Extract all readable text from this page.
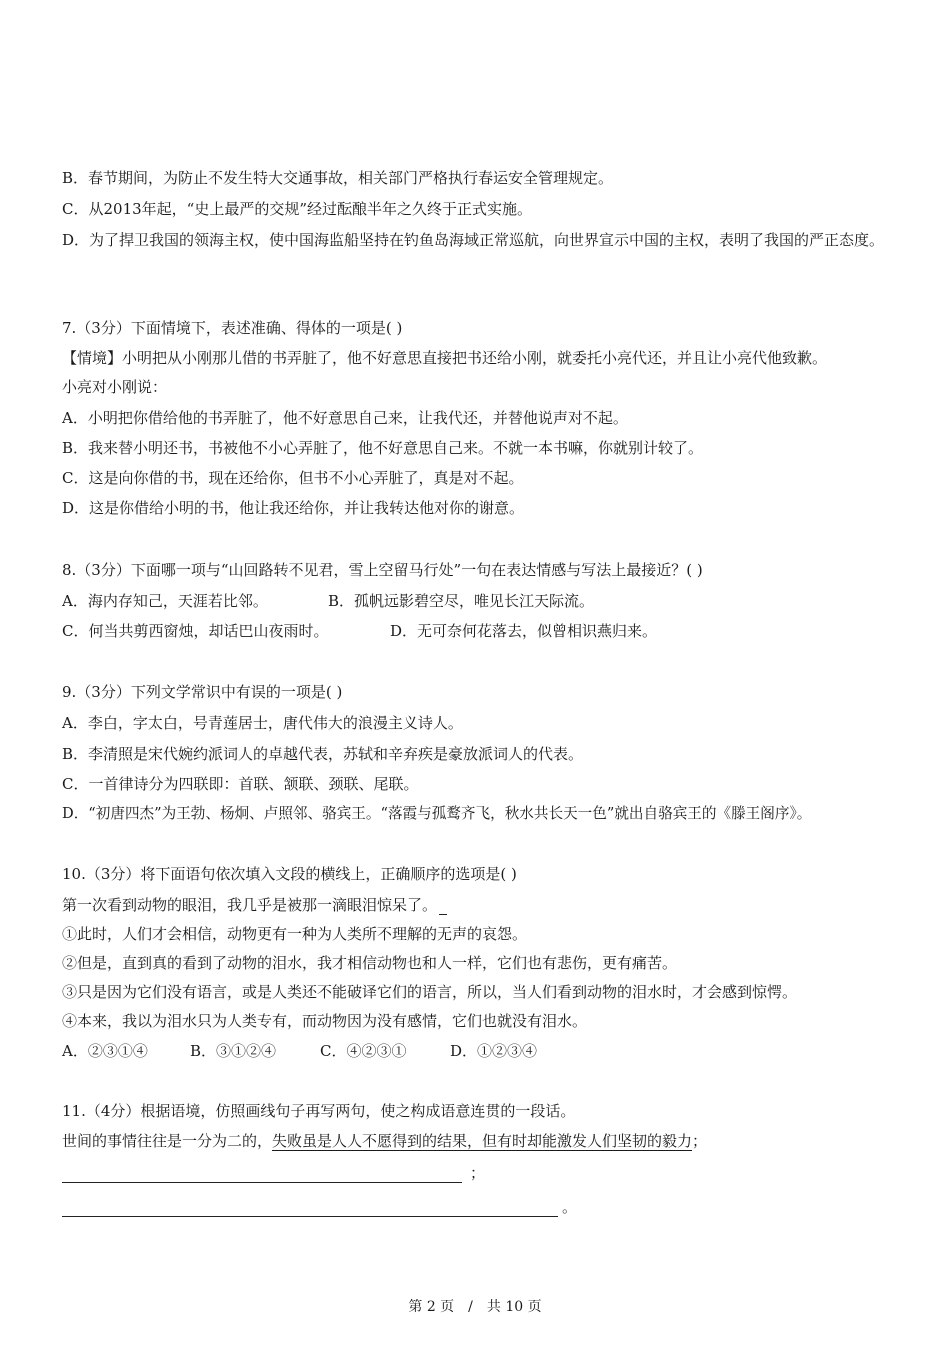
B．春节期间，为防止不发生特大交通事故，相关部门严格执行春运安全管理规定。
C．从2013年起，“史上最严的交规”经过酝酿半年之久终于正式实施。
D．为了捍卫我国的领海主权，使中国海监船坚持在钓鱼岛海域正常巡航，向世界宣示中国的主权，表明了我国的严正态度。
7.（3分）下面情境下，表述准确、得体的一项是( )
【情境】小明把从小刚那儿借的书弄脏了，他不好意思直接把书还给小刚，就委托小亮代还，并且让小亮代他致歉。
小亮对小刚说：
A．小明把你借给他的书弄脏了，他不好意思自己来，让我代还，并替他说声对不起。
B．我来替小明还书，书被他不小心弄脏了，他不好意思自己来。不就一本书嘛，你就别计较了。
C．这是向你借的书，现在还给你，但书不小心弄脏了，真是对不起。
D．这是你借给小明的书，他让我还给你，并让我转达他对你的谢意。
8.（3分）下面哪一项与“山回路转不见君，雪上空留马行处”一句在表达情感与写法上最接近？( )
A．海内存知己，天涯若比邻。	B．孤帆远影碧空尽，唯见长江天际流。
C．何当共剪西窗烛，却话巴山夜雨时。	D．无可奈何花落去，似曾相识燕归来。
9.（3分）下列文学常识中有误的一项是( )
A．李白，字太白，号青莲居士，唐代伟大的浪漫主义诗人。
B．李清照是宋代婉约派词人的卓越代表，苏轼和辛弃疾是豪放派词人的代表。
C．一首律诗分为四联即：首联、颔联、颈联、尾联。
D．“初唐四杰”为王勃、杨炯、卢照邻、骆宾王。“落霞与孤鹜齐飞，秋水共长天一色”就出自骆宾王的《滕王阁序》。
10.（3分）将下面语句依次填入文段的横线上，正确顺序的选项是( )
第一次看到动物的眼泪，我几乎是被那一滴眼泪惊呆了。
①此时，人们才会相信，动物更有一种为人类所不理解的无声的哀怨。
②但是，直到真的看到了动物的泪水，我才相信动物也和人一样，它们也有悲伤，更有痛苦。
③只是因为它们没有语言，或是人类还不能破译它们的语言，所以，当人们看到动物的泪水时，才会感到惊愕。
④本来，我以为泪水只为人类专有，而动物因为没有感情，它们也就没有泪水。
A．②③①④	B．③①②④	C．④②③①	D．①②③④
11.（4分）根据语境，仿照画线句子再写两句，使之构成语意连贯的一段话。
世间的事情往往是一分为二的，失败虽是人人不愿得到的结果，但有时却能激发人们坚韧的毅力；
；
。
第 2 页　/　共 10 页
